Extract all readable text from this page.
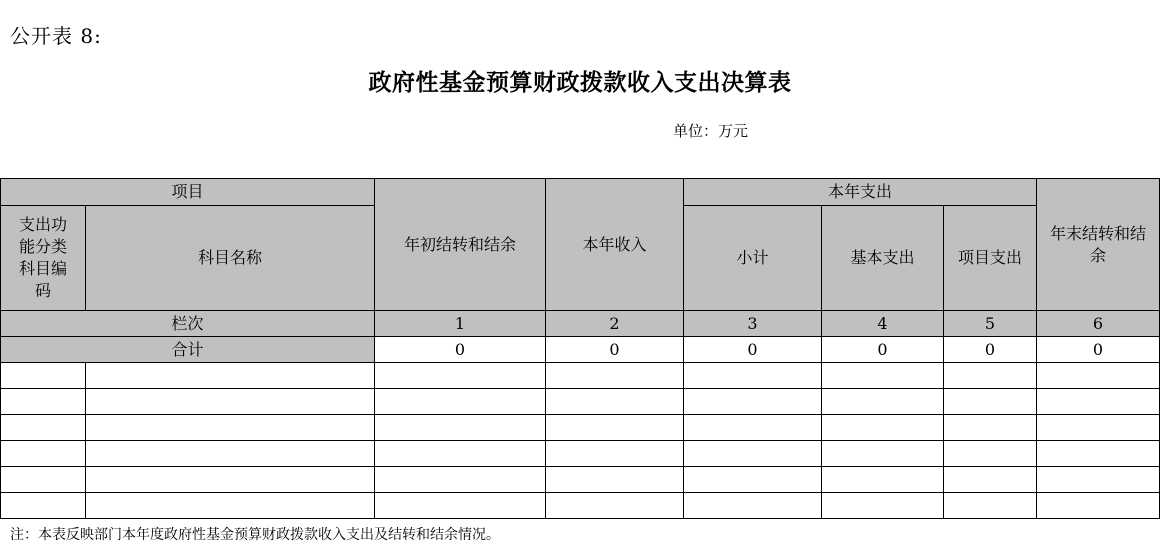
公开表 8:
政府性基金预算财政拨款收入支出决算表
单位：万元
项目		年初结转和结余	本年收入	本年支出			年末结转和结余
支出功能分类科目编码	科目名称			小计	基本支出	项目支出	
栏次		1	2	3	4	5	6
合计		0	0	0	0	0	0

注：本表反映部门本年度政府性基金预算财政拨款收入支出及结转和结余情况。
